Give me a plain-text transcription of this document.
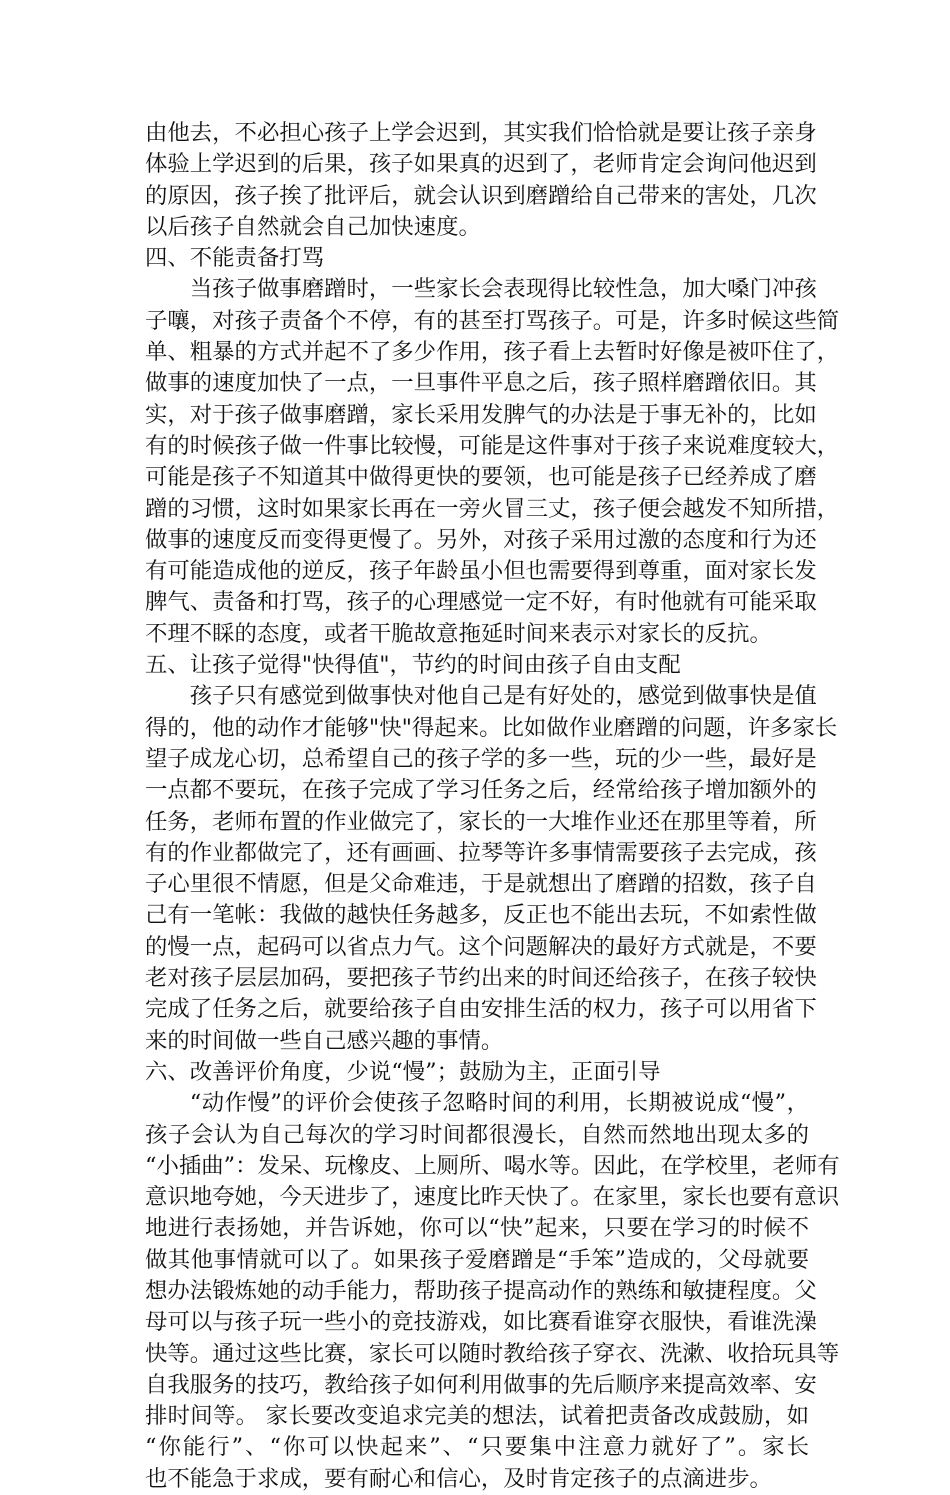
由他去，不必担心孩子上学会迟到，其实我们恰恰就是要让孩子亲身
体验上学迟到的后果，孩子如果真的迟到了，老师肯定会询问他迟到
的原因，孩子挨了批评后，就会认识到磨蹭给自己带来的害处，几次
以后孩子自然就会自己加快速度。
四、不能责备打骂
当孩子做事磨蹭时，一些家长会表现得比较性急，加大嗓门冲孩
子嚷，对孩子责备个不停，有的甚至打骂孩子。可是，许多时候这些简
单、粗暴的方式并起不了多少作用，孩子看上去暂时好像是被吓住了，
做事的速度加快了一点，一旦事件平息之后，孩子照样磨蹭依旧。其
实，对于孩子做事磨蹭，家长采用发脾气的办法是于事无补的，比如
有的时候孩子做一件事比较慢，可能是这件事对于孩子来说难度较大，
可能是孩子不知道其中做得更快的要领，也可能是孩子已经养成了磨
蹭的习惯，这时如果家长再在一旁火冒三丈，孩子便会越发不知所措，
做事的速度反而变得更慢了。另外，对孩子采用过激的态度和行为还
有可能造成他的逆反，孩子年龄虽小但也需要得到尊重，面对家长发
脾气、责备和打骂，孩子的心理感觉一定不好，有时他就有可能采取
不理不睬的态度，或者干脆故意拖延时间来表示对家长的反抗。
五、让孩子觉得"快得值"，节约的时间由孩子自由支配
孩子只有感觉到做事快对他自己是有好处的，感觉到做事快是值
得的，他的动作才能够"快"得起来。比如做作业磨蹭的问题，许多家长
望子成龙心切，总希望自己的孩子学的多一些，玩的少一些，最好是
一点都不要玩，在孩子完成了学习任务之后，经常给孩子增加额外的
任务，老师布置的作业做完了，家长的一大堆作业还在那里等着，所
有的作业都做完了，还有画画、拉琴等许多事情需要孩子去完成，孩
子心里很不情愿，但是父命难违，于是就想出了磨蹭的招数，孩子自
己有一笔帐：我做的越快任务越多，反正也不能出去玩，不如索性做
的慢一点，起码可以省点力气。这个问题解决的最好方式就是，不要
老对孩子层层加码，要把孩子节约出来的时间还给孩子，在孩子较快
完成了任务之后，就要给孩子自由安排生活的权力，孩子可以用省下
来的时间做一些自己感兴趣的事情。
六、改善评价角度，少说“慢”；鼓励为主，正面引导
“动作慢”的评价会使孩子忽略时间的利用，长期被说成“慢”，
孩子会认为自己每次的学习时间都很漫长，自然而然地出现太多的
“小插曲”：发呆、玩橡皮、上厕所、喝水等。因此，在学校里，老师有
意识地夸她，今天进步了，速度比昨天快了。在家里，家长也要有意识
地进行表扬她，并告诉她，你可以“快”起来，只要在学习的时候不
做其他事情就可以了。如果孩子爱磨蹭是“手笨”造成的，父母就要
想办法锻炼她的动手能力，帮助孩子提高动作的熟练和敏捷程度。父
母可以与孩子玩一些小的竞技游戏，如比赛看谁穿衣服快，看谁洗澡
快等。通过这些比赛，家长可以随时教给孩子穿衣、洗漱、收拾玩具等
自我服务的技巧，教给孩子如何利用做事的先后顺序来提高效率、安
排时间等。 家长要改变追求完美的想法，试着把责备改成鼓励，如
“你能行”、“你可以快起来”、“只要集中注意力就好了”。家长
也不能急于求成，要有耐心和信心，及时肯定孩子的点滴进步。
